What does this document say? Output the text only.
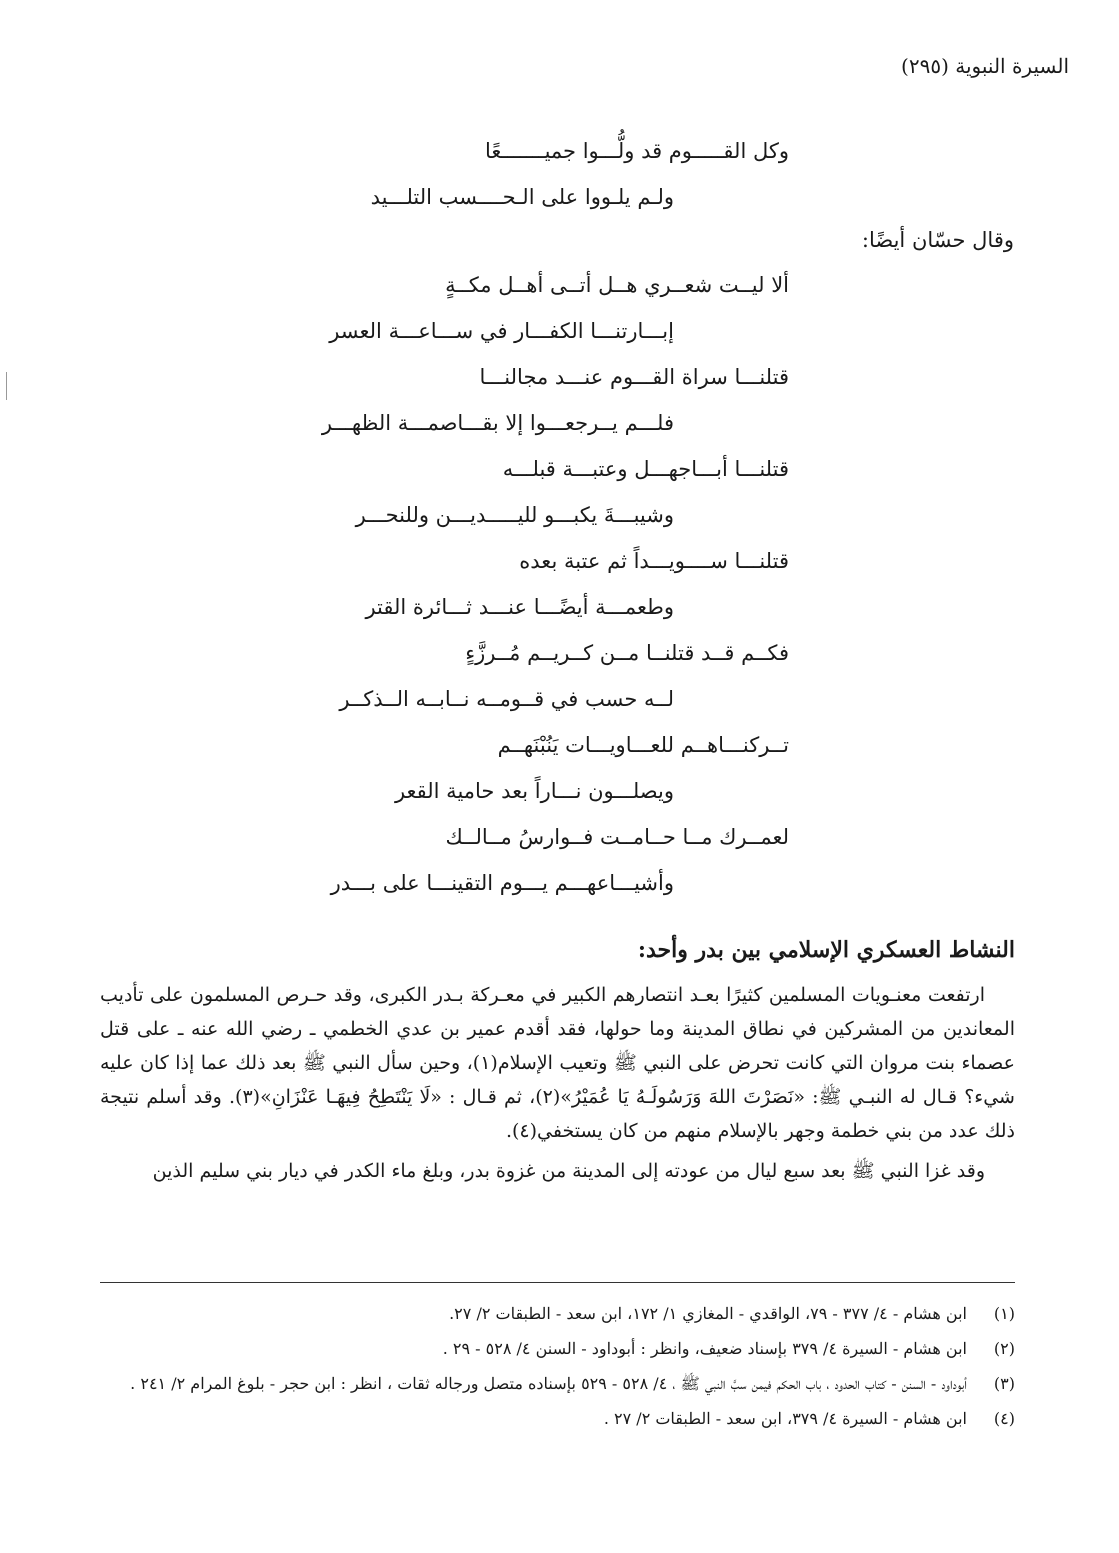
السيرة النبوية (٢٩٥)
وكل القـــــوم قد ولُّـــوا جميـــــــعًا
ولـم يلـووا على الـحــــسب التلـــيد
وقال حسّان أيضًا:
ألا ليــت شعــري هــل أتــى أهــل مكــةٍ
إبـــارتنـــا الكفـــار في ســـاعـــة العسر
قتلنـــا سراة القـــوم عنـــد مجالنـــا
فلـــم يــرجعـــوا إلا بقـــاصمـــة الظهـــر
قتلنـــا أبـــاجهـــل وعتبـــة قبلـــه
وشيبـــةَ يكبـــو لليـــــديـــن وللنحـــر
قتلنـــا ســــويـــداً ثم عتبة بعده
وطعمـــة أيضًـــا عنـــد ثـــائرة القتر
فكــم قــد قتلنــا مــن كــريــم مُــرزَّءٍ
لــه حسب في قــومــه نــابــه الــذكــر
تــركنـــاهــم للعـــاويـــات يَنُبْنَهــم
ويصلـــون نـــاراً بعد حامية القعر
لعمــرك مــا حــامــت فــوارسُ مــالــك
وأشيـــاعهـــم يـــوم التقينـــا على بـــدر
النشاط العسكري الإسلامي بين بدر وأحد:

ارتفعت معنـويات المسلمين كثيرًا بعـد انتصارهم الكبير في معـركة بـدر الكبرى، وقد حـرص المسلمون على تأديب المعاندين من المشركين في نطاق المدينة وما حولها، فقد أقدم عمير بن عدي الخطمي ـ رضي الله عنه ـ على قتل عصماء بنت مروان التي كانت تحرض على النبي ﷺ وتعيب الإسلام(١)، وحين سأل النبي ﷺ بعد ذلك عما إذا كان عليه شيء؟ قـال له النبـي ﷺ: «نَصَرْتَ اللهَ وَرَسُولَـهُ يَا عُمَيْرُ»(٢)، ثم قـال : «لَا يَنْتَطِحُ فِيهَـا عَنْزَانِ»(٣). وقد أسلم نتيجة ذلك عدد من بني خطمة وجهر بالإسلام منهم من كان يستخفي(٤).

وقد غزا النبي ﷺ بعد سبع ليال من عودته إلى المدينة من غزوة بدر، وبلغ ماء الكدر في ديار بني سليم الذين

(١)
ابن هشام - ٤/ ٣٧٧ - ٧٩، الواقدي - المغازي ١/ ١٧٢، ابن سعد - الطبقات ٢/ ٢٧.
(٢)
ابن هشام - السيرة ٤/ ٣٧٩ بإسناد ضعيف، وانظر : أبوداود - السنن ٤/ ٥٢٨ - ٢٩ .
(٣)
أبوداود - السنن - كتاب الحدود ، باب الحكم فيمن سبَّ النبي ﷺ ، ٤/ ٥٢٨ - ٥٢٩ بإسناده متصل ورجاله ثقات ، انظر : ابن حجر - بلوغ المرام ٢/ ٢٤١ .
(٤)
ابن هشام - السيرة ٤/ ٣٧٩، ابن سعد - الطبقات ٢/ ٢٧ .
